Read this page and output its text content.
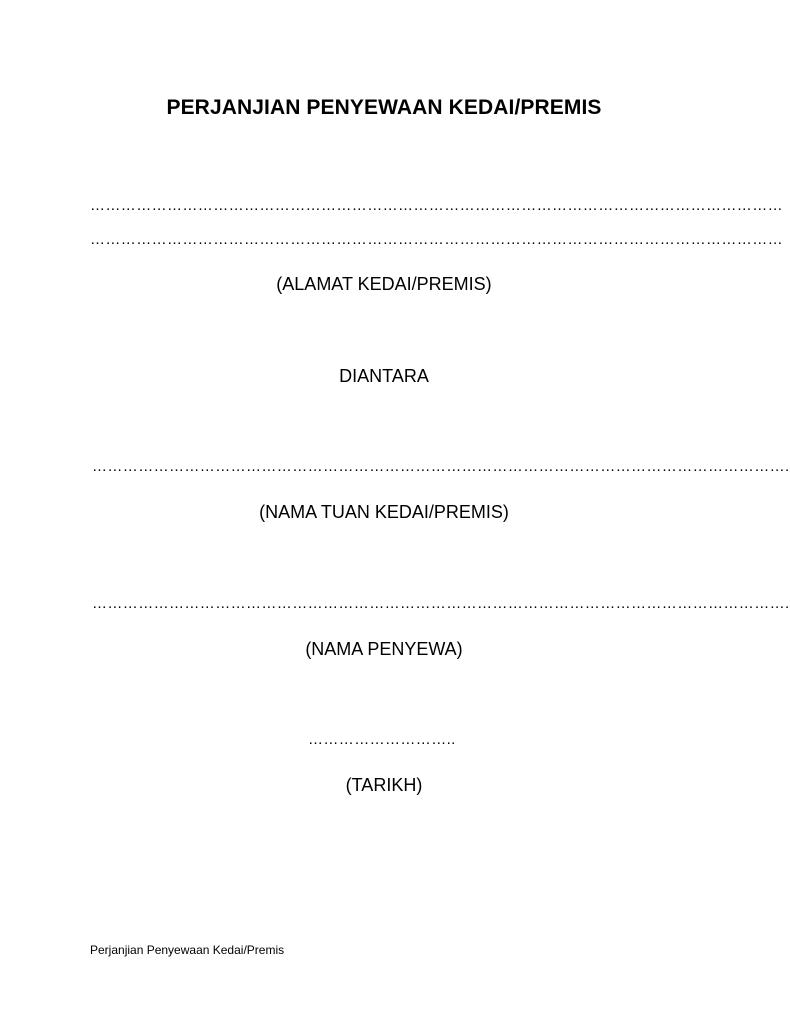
PERJANJIAN PENYEWAAN KEDAI/PREMIS
………………………………………………………………………………………………………………………
………………………………………………………………………………………………………………………
(ALAMAT KEDAI/PREMIS)
DIANTARA
……………………………………………………………………………………………………………………….
(NAMA TUAN KEDAI/PREMIS)
……………………………………………………………………………………………………………………….
(NAMA PENYEWA)
………………………..
(TARIKH)
Perjanjian Penyewaan Kedai/Premis
